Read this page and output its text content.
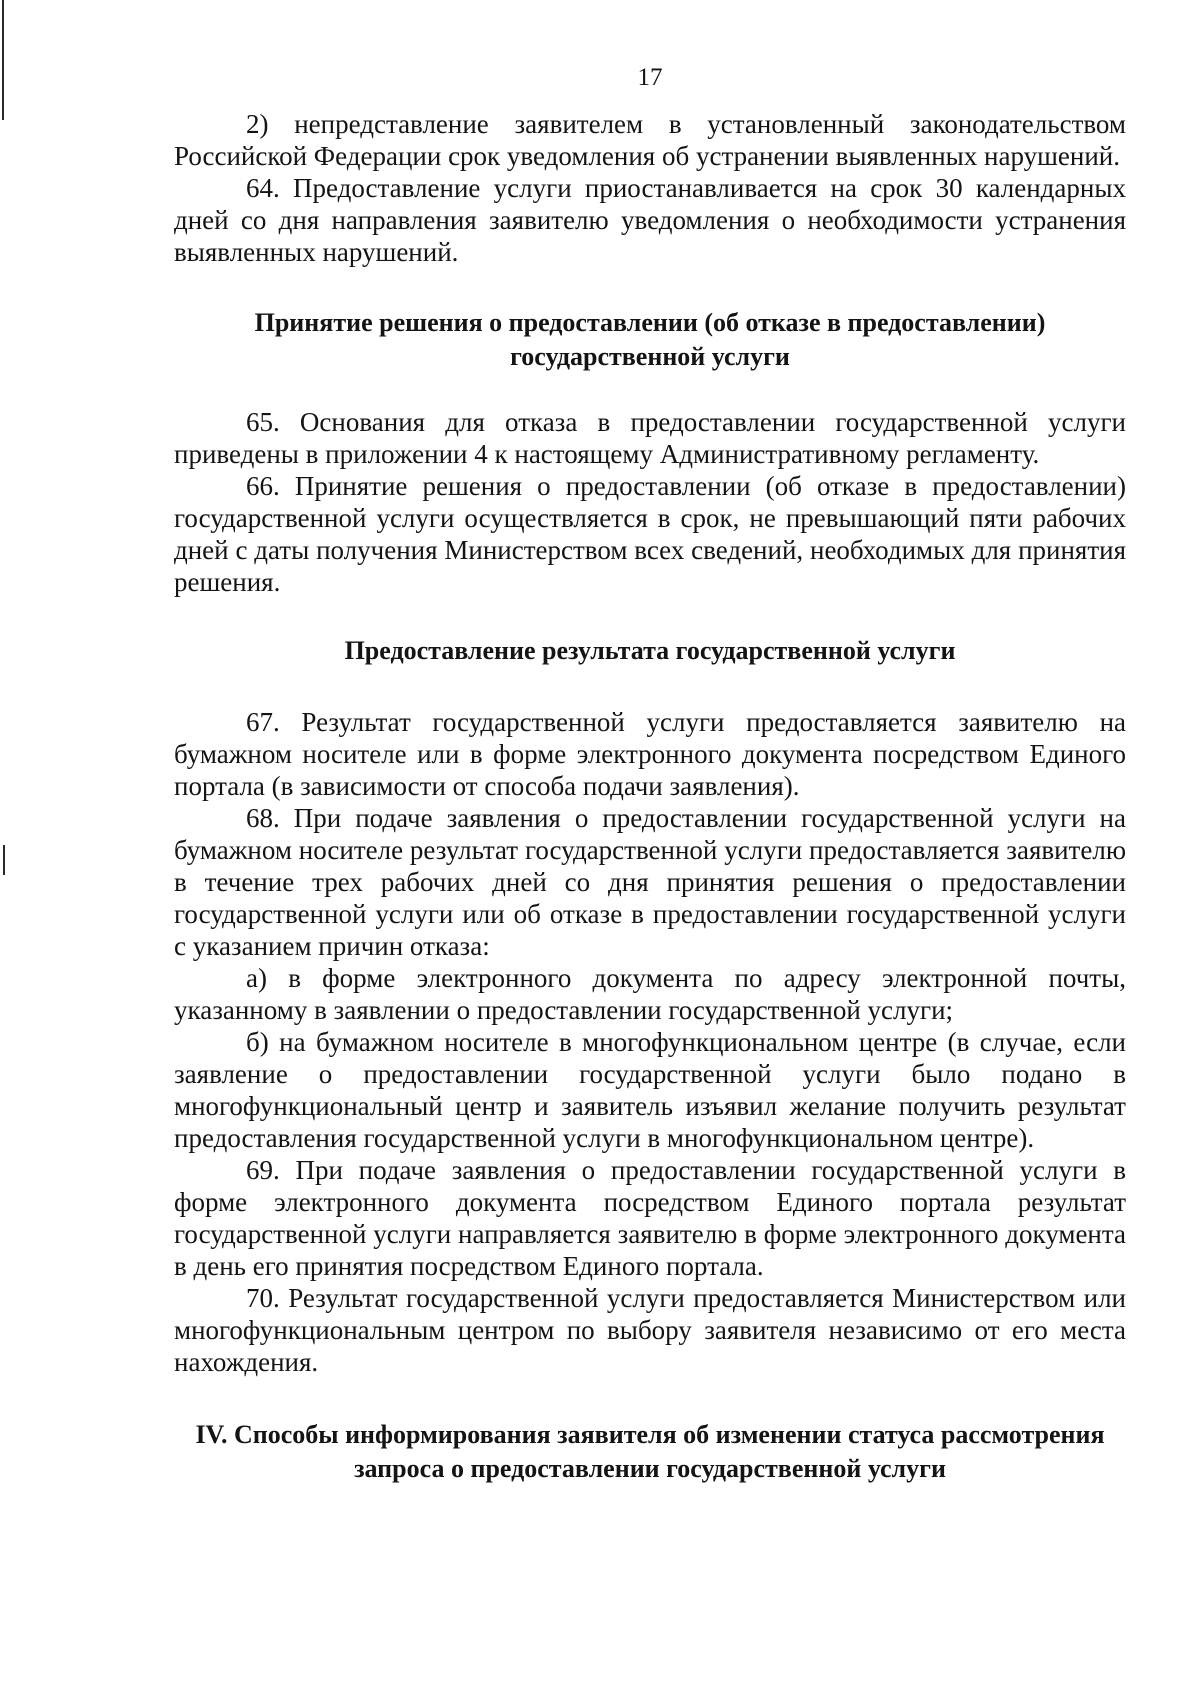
17

2) непредставление заявителем в установленный законодательством Российской Федерации срок уведомления об устранении выявленных нарушений.

64. Предоставление услуги приостанавливается на срок 30 календарных дней со дня направления заявителю уведомления о необходимости устранения выявленных нарушений.

Принятие решения о предоставлении (об отказе в предоставлении) государственной услуги

65. Основания для отказа в предоставлении государственной услуги приведены в приложении 4 к настоящему Административному регламенту.

66. Принятие решения о предоставлении (об отказе в предоставлении) государственной услуги осуществляется в срок, не превышающий пяти рабочих дней с даты получения Министерством всех сведений, необходимых для принятия решения.

Предоставление результата государственной услуги

67. Результат государственной услуги предоставляется заявителю на бумажном носителе или в форме электронного документа посредством Единого портала (в зависимости от способа подачи заявления).

68. При подаче заявления о предоставлении государственной услуги на бумажном носителе результат государственной услуги предоставляется заявителю в течение трех рабочих дней со дня принятия решения о предоставлении государственной услуги или об отказе в предоставлении государственной услуги с указанием причин отказа:

а) в форме электронного документа по адресу электронной почты, указанному в заявлении о предоставлении государственной услуги;

б) на бумажном носителе в многофункциональном центре (в случае, если заявление о предоставлении государственной услуги было подано в многофункциональный центр и заявитель изъявил желание получить результат предоставления государственной услуги в многофункциональном центре).

69. При подаче заявления о предоставлении государственной услуги в форме электронного документа посредством Единого портала результат государственной услуги направляется заявителю в форме электронного документа в день его принятия посредством Единого портала.

70. Результат государственной услуги предоставляется Министерством или многофункциональным центром по выбору заявителя независимо от его места нахождения.

IV. Способы информирования заявителя об изменении статуса рассмотрения запроса о предоставлении государственной услуги
